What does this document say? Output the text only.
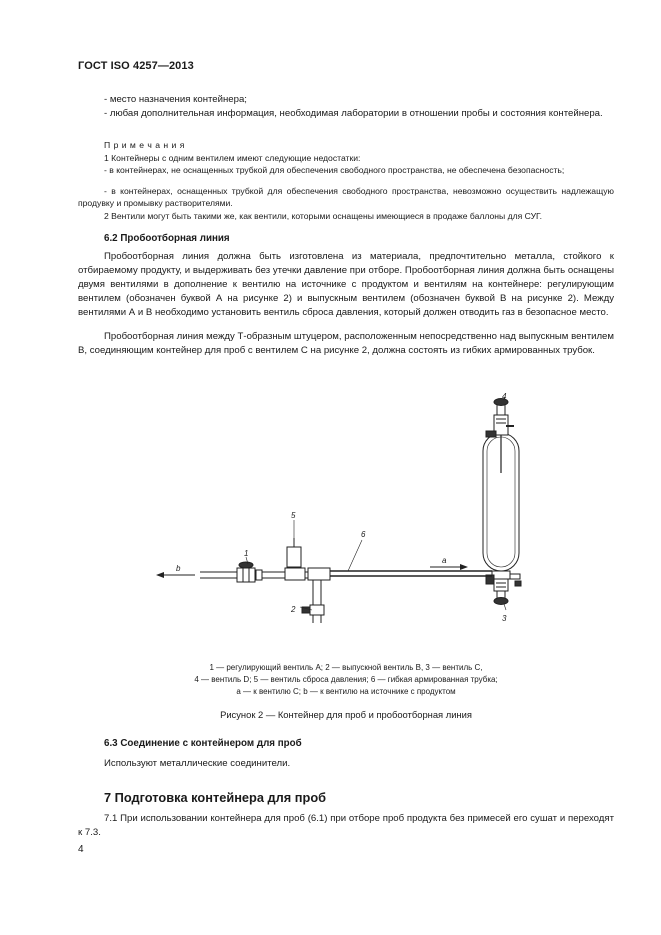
ГОСТ ISO 4257—2013
- место назначения контейнера;
- любая дополнительная информация, необходимая лаборатории в отношении пробы и состояния контейнера.
П р и м е ч а н и я
1 Контейнеры с одним вентилем имеют следующие недостатки:
- в контейнерах, не оснащенных трубкой для обеспечения свободного пространства, не обеспечена безопасность;
- в контейнерах, оснащенных трубкой для обеспечения свободного пространства, невозможно осуществить надлежащую продувку и промывку растворителями.
2 Вентили могут быть такими же, как вентили, которыми оснащены имеющиеся в продаже баллоны для СУГ.
6.2 Пробоотборная линия
Пробоотборная линия должна быть изготовлена из материала, предпочтительно металла, стойкого к отбираемому продукту, и выдерживать без утечки давление при отборе. Пробоотборная линия должна быть оснащены двумя вентилями в дополнение к вентилю на источнике с продуктом и вентилям на контейнере: регулирующим вентилем (обозначен буквой А на рисунке 2) и выпускным вентилем (обозначен буквой В на рисунке 2). Между вентилями А и В необходимо установить вентиль сброса давления, который должен отводить газ в безопасное место.
Пробоотборная линия между Т-образным штуцером, расположенным непосредственно над выпускным вентилем В, соединяющим контейнер для проб с вентилем С на рисунке 2, должна состоять из гибких армированных трубок.
1
5
2
6
4
3
b
a
1 — регулирующий вентиль А; 2 — выпускной вентиль В, 3 — вентиль С,
4 — вентиль D; 5 — вентиль сброса давления; 6 — гибкая армированная трубка;
a — к вентилю С; b — к вентилю на источнике с продуктом
Рисунок 2 — Контейнер для проб и пробоотборная линия
6.3 Соединение с контейнером для проб
Используют металлические соединители.
7 Подготовка контейнера для проб
7.1 При использовании контейнера для проб (6.1) при отборе проб продукта без примесей его сушат и переходят к 7.3.
4
